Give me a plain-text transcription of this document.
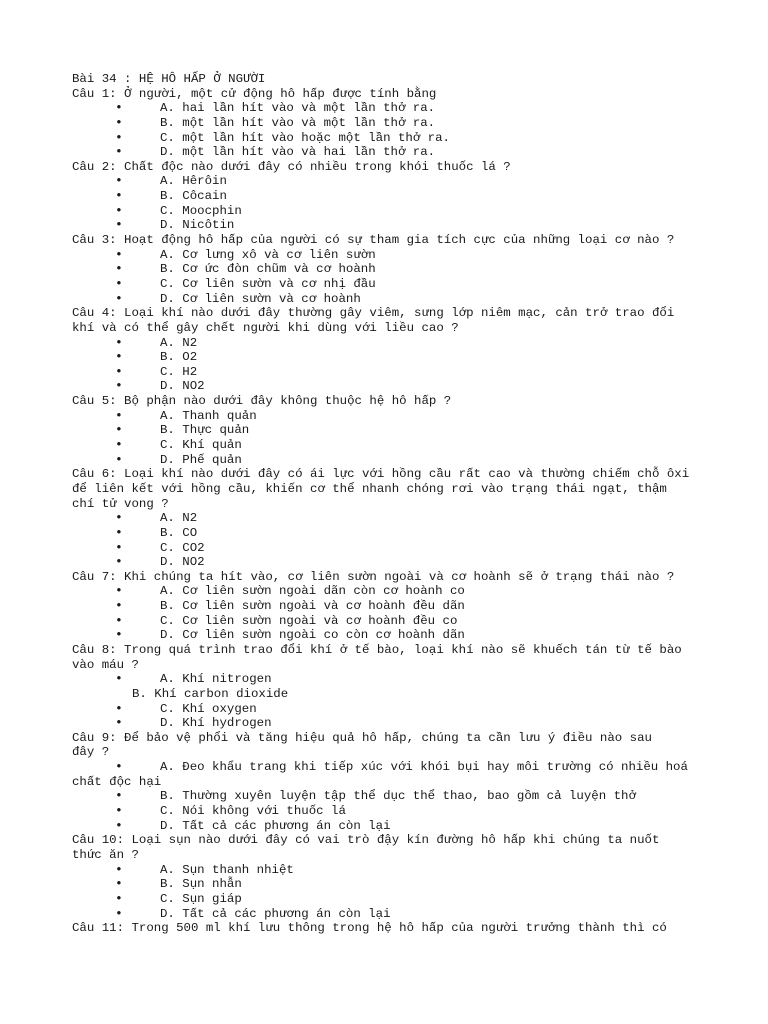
Bài 34 : HỆ HÔ HẤP Ở NGƯỜI
Câu 1: Ở người, một cử động hô hấp được tính bằng
•	A. hai lần hít vào và một lần thở ra.
•	B. một lần hít vào và một lần thở ra.
•	C. một lần hít vào hoặc một lần thở ra.
•	D. một lần hít vào và hai lần thở ra.
Câu 2: Chất độc nào dưới đây có nhiều trong khói thuốc lá ?
•	A. Hêrôin
•	B. Côcain
•	C. Moocphin
•	D. Nicôtin
Câu 3: Hoạt động hô hấp của người có sự tham gia tích cực của những loại cơ nào ?
•	A. Cơ lưng xô và cơ liên sườn
•	B. Cơ ức đòn chũm và cơ hoành
•	C. Cơ liên sườn và cơ nhị đầu
•	D. Cơ liên sườn và cơ hoành
Câu 4: Loại khí nào dưới đây thường gây viêm, sưng lớp niêm mạc, cản trở trao đổi
khí và có thể gây chết người khi dùng với liều cao ?
•	A. N2
•	B. O2
•	C. H2
•	D. NO2
Câu 5: Bộ phận nào dưới đây không thuộc hệ hô hấp ?
•	A. Thanh quản
•	B. Thực quản
•	C. Khí quản
•	D. Phế quản
Câu 6: Loại khí nào dưới đây có ái lực với hồng cầu rất cao và thường chiếm chỗ ôxi
để liên kết với hồng cầu, khiến cơ thể nhanh chóng rơi vào trạng thái ngạt, thậm
chí tử vong ?
•	A. N2
•	B. CO
•	C. CO2
•	D. NO2
Câu 7: Khi chúng ta hít vào, cơ liên sườn ngoài và cơ hoành sẽ ở trạng thái nào ?
•	A. Cơ liên sườn ngoài dãn còn cơ hoành co
•	B. Cơ liên sườn ngoài và cơ hoành đều dãn
•	C. Cơ liên sườn ngoài và cơ hoành đều co
•	D. Cơ liên sườn ngoài co còn cơ hoành dãn
Câu 8: Trong quá trình trao đổi khí ở tế bào, loại khí nào sẽ khuếch tán từ tế bào
vào máu ?
•	A. Khí nitrogen
B. Khí carbon dioxide
•	C. Khí oxygen
•	D. Khí hydrogen
Câu 9: Để bảo vệ phổi và tăng hiệu quả hô hấp, chúng ta cần lưu ý điều nào sau
đây ?
•	A. Đeo khẩu trang khi tiếp xúc với khói bụi hay môi trường có nhiều hoá
chất độc hại
•	B. Thường xuyên luyện tập thể dục thể thao, bao gồm cả luyện thở
•	C. Nói không với thuốc lá
•	D. Tất cả các phương án còn lại
Câu 10: Loại sụn nào dưới đây có vai trò đậy kín đường hô hấp khi chúng ta nuốt
thức ăn ?
•	A. Sụn thanh nhiệt
•	B. Sụn nhẫn
•	C. Sụn giáp
•	D. Tất cả các phương án còn lại
Câu 11: Trong 500 ml khí lưu thông trong hệ hô hấp của người trưởng thành thì có
